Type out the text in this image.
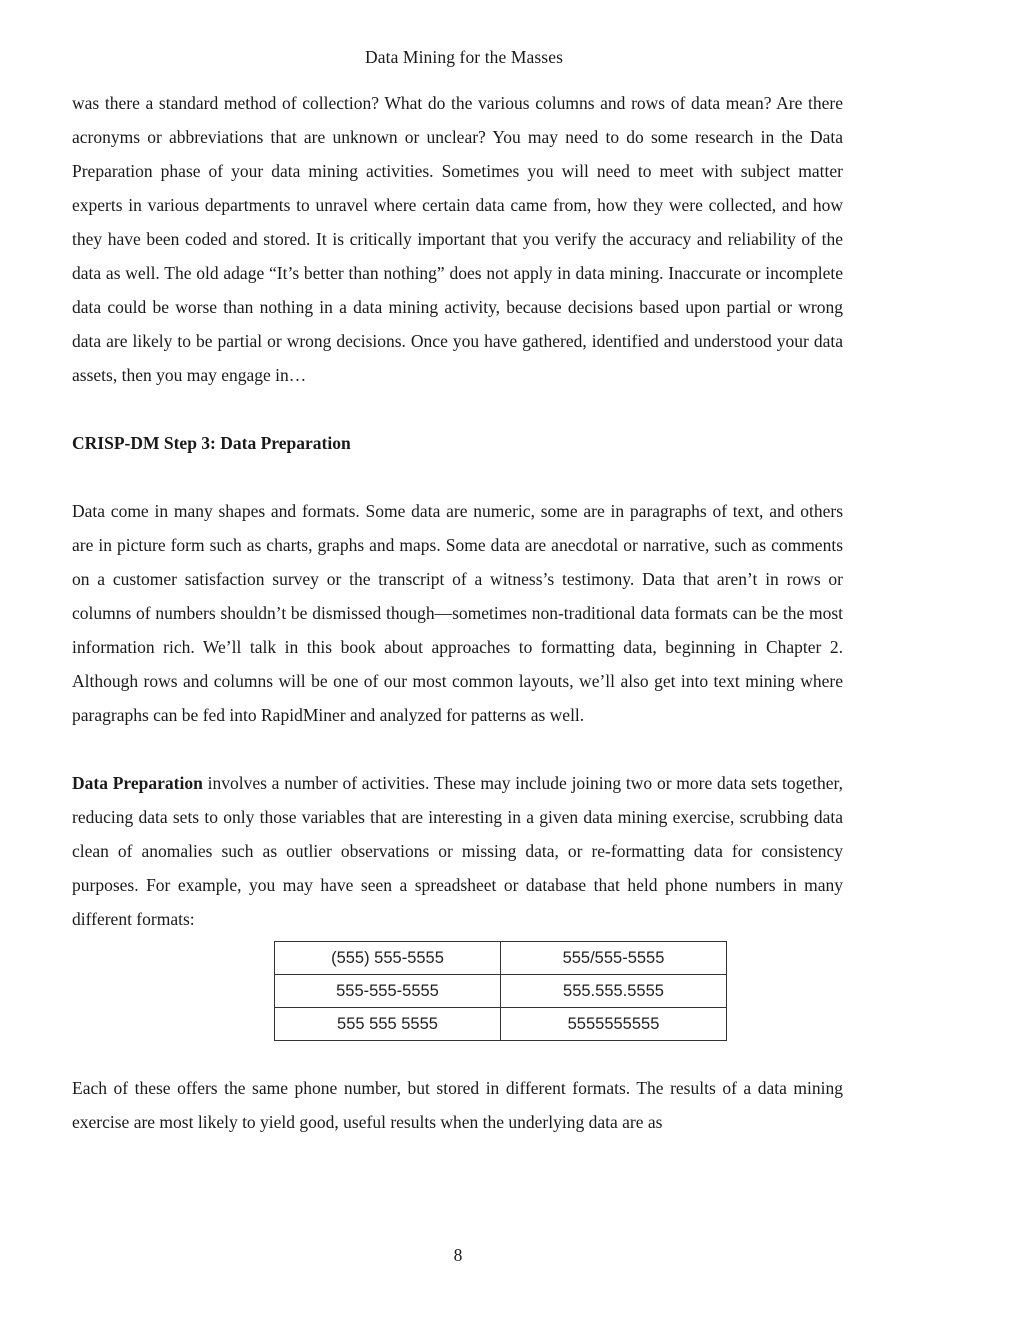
Data Mining for the Masses

was there a standard method of collection? What do the various columns and rows of data mean? Are there acronyms or abbreviations that are unknown or unclear? You may need to do some research in the Data Preparation phase of your data mining activities. Sometimes you will need to meet with subject matter experts in various departments to unravel where certain data came from, how they were collected, and how they have been coded and stored. It is critically important that you verify the accuracy and reliability of the data as well. The old adage “It’s better than nothing” does not apply in data mining. Inaccurate or incomplete data could be worse than nothing in a data mining activity, because decisions based upon partial or wrong data are likely to be partial or wrong decisions. Once you have gathered, identified and understood your data assets, then you may engage in…

CRISP-DM Step 3: Data Preparation

Data come in many shapes and formats. Some data are numeric, some are in paragraphs of text, and others are in picture form such as charts, graphs and maps. Some data are anecdotal or narrative, such as comments on a customer satisfaction survey or the transcript of a witness’s testimony. Data that aren’t in rows or columns of numbers shouldn’t be dismissed though—sometimes non-traditional data formats can be the most information rich. We’ll talk in this book about approaches to formatting data, beginning in Chapter 2. Although rows and columns will be one of our most common layouts, we’ll also get into text mining where paragraphs can be fed into RapidMiner and analyzed for patterns as well.

Data Preparation involves a number of activities. These may include joining two or more data sets together, reducing data sets to only those variables that are interesting in a given data mining exercise, scrubbing data clean of anomalies such as outlier observations or missing data, or re-formatting data for consistency purposes. For example, you may have seen a spreadsheet or database that held phone numbers in many different formats:

(555) 555-5555	555/555-5555
555-555-5555	555.555.5555
555 555 5555	5555555555

Each of these offers the same phone number, but stored in different formats. The results of a data mining exercise are most likely to yield good, useful results when the underlying data are as

8
